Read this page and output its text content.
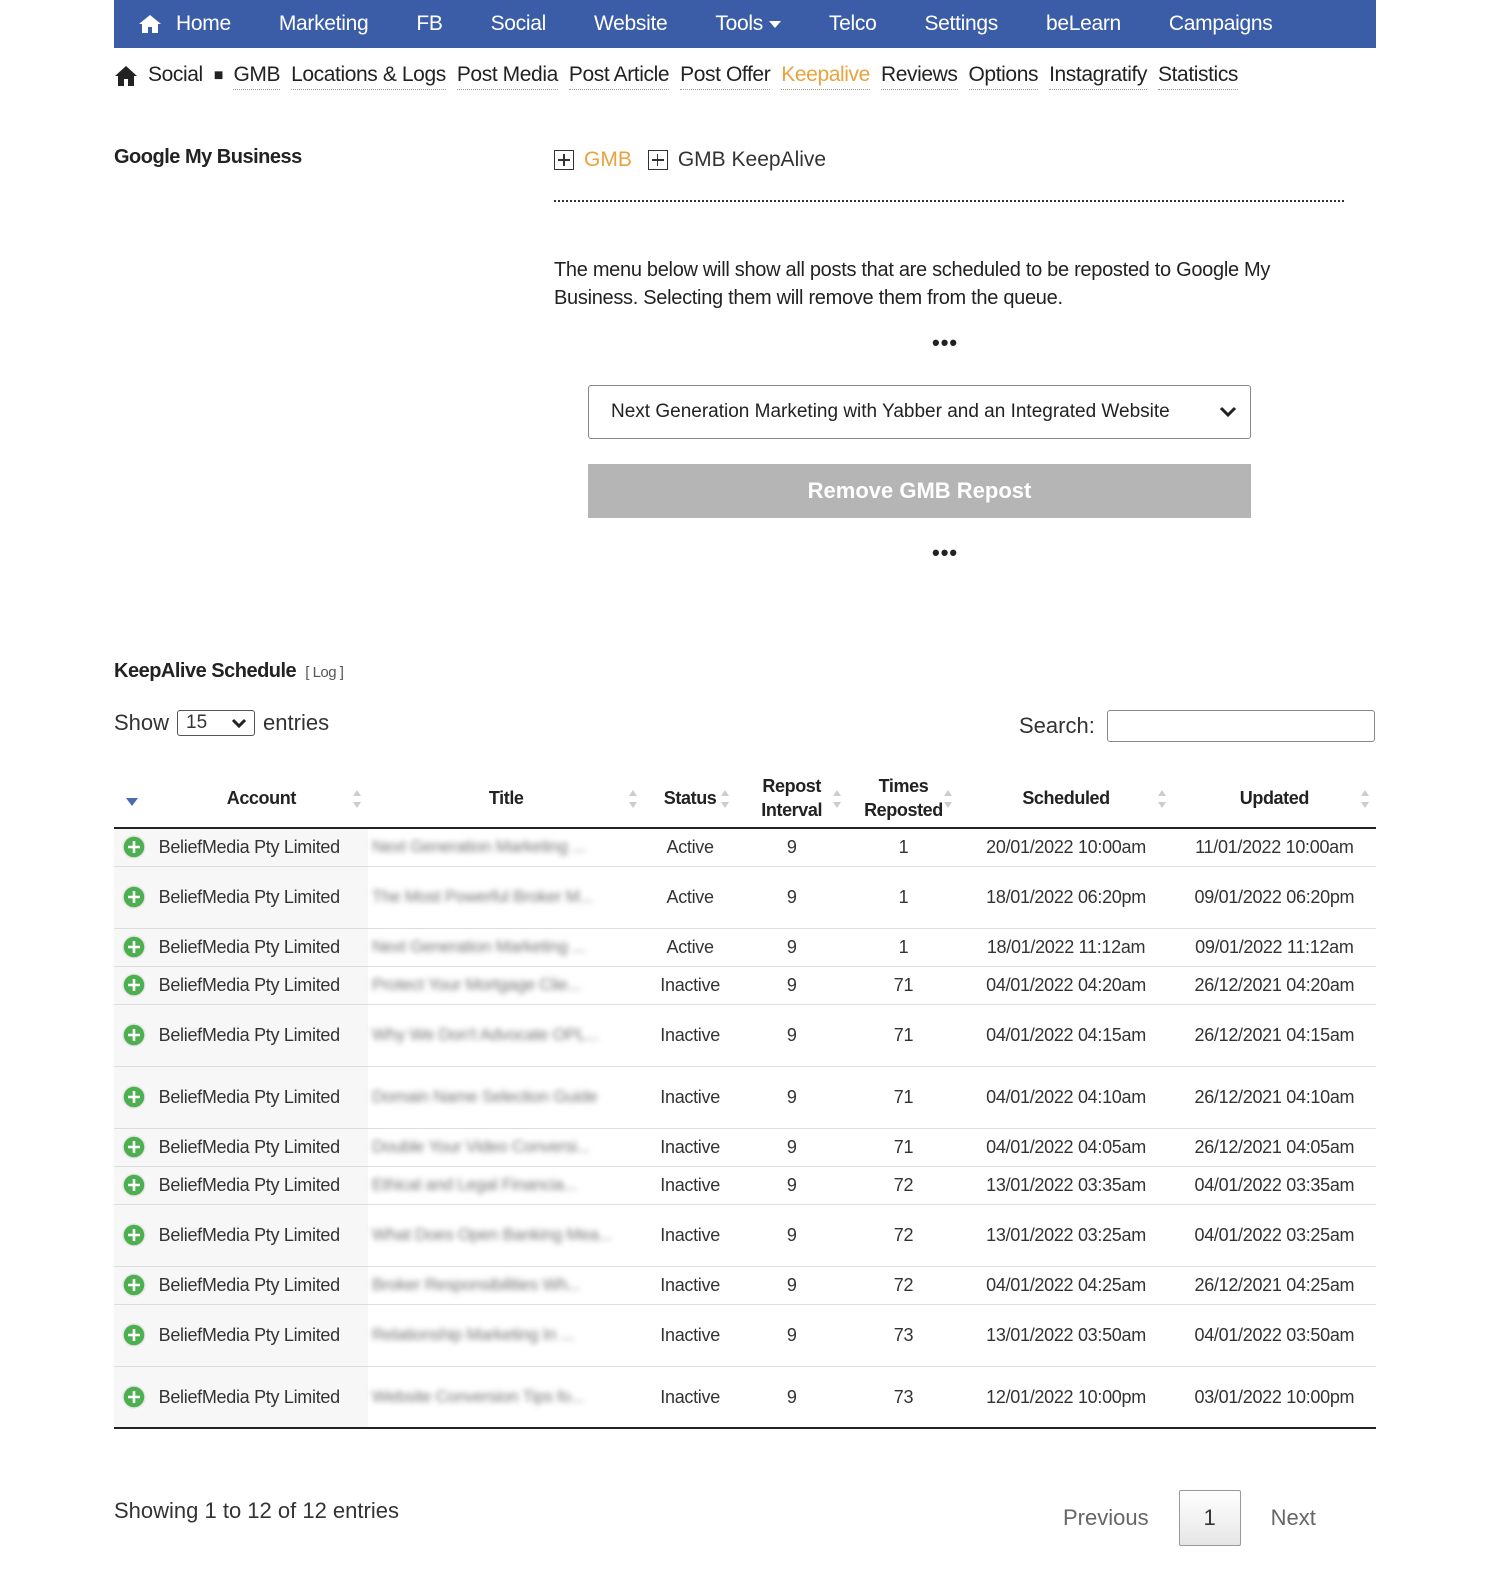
Home	Marketing	FB	Social	Website	Tools	Telco	Settings	beLearn	Campaigns
Social ■ GMB Locations & Logs Post Media Post Article Post Offer Keepalive Reviews Options Instagratify Statistics
Google My Business	GMB GMB KeepAlive
The menu below will show all posts that are scheduled to be reposted to Google My Business. Selecting them will remove them from the queue.
•••
Next Generation Marketing with Yabber and an Integrated Website
Remove GMB Repost
•••
KeepAlive Schedule [ Log ]
Show 15	entries	Search:
	Account	Title	Status	Repost Interval	Times Reposted	Scheduled	Updated

	BeliefMedia Pty Limited	Next Generation Marketing ...	Active	9	1	20/01/2022 10:00am	11/01/2022 10:00am

	BeliefMedia Pty Limited	The Most Powerful Broker M...	Active	9	1	18/01/2022 06:20pm	09/01/2022 06:20pm

	BeliefMedia Pty Limited	Next Generation Marketing ...	Active	9	1	18/01/2022 11:12am	09/01/2022 11:12am

	BeliefMedia Pty Limited	Protect Your Mortgage Clie...	Inactive	9	71	04/01/2022 04:20am	26/12/2021 04:20am

	BeliefMedia Pty Limited	Why We Don't Advocate OPL...	Inactive	9	71	04/01/2022 04:15am	26/12/2021 04:15am

	BeliefMedia Pty Limited	Domain Name Selection Guide	Inactive	9	71	04/01/2022 04:10am	26/12/2021 04:10am

	BeliefMedia Pty Limited	Double Your Video Conversi...	Inactive	9	71	04/01/2022 04:05am	26/12/2021 04:05am

	BeliefMedia Pty Limited	Ethical and Legal Financia...	Inactive	9	72	13/01/2022 03:35am	04/01/2022 03:35am

	BeliefMedia Pty Limited	What Does Open Banking Mea...	Inactive	9	72	13/01/2022 03:25am	04/01/2022 03:25am

	BeliefMedia Pty Limited	Broker Responsibilities Wh...	Inactive	9	72	04/01/2022 04:25am	26/12/2021 04:25am

	BeliefMedia Pty Limited	Relationship Marketing In ...	Inactive	9	73	13/01/2022 03:50am	04/01/2022 03:50am

	BeliefMedia Pty Limited	Website Conversion Tips fo...	Inactive	9	73	12/01/2022 10:00pm	03/01/2022 10:00pm
Showing 1 to 12 of 12 entries	Previous	1	Next
